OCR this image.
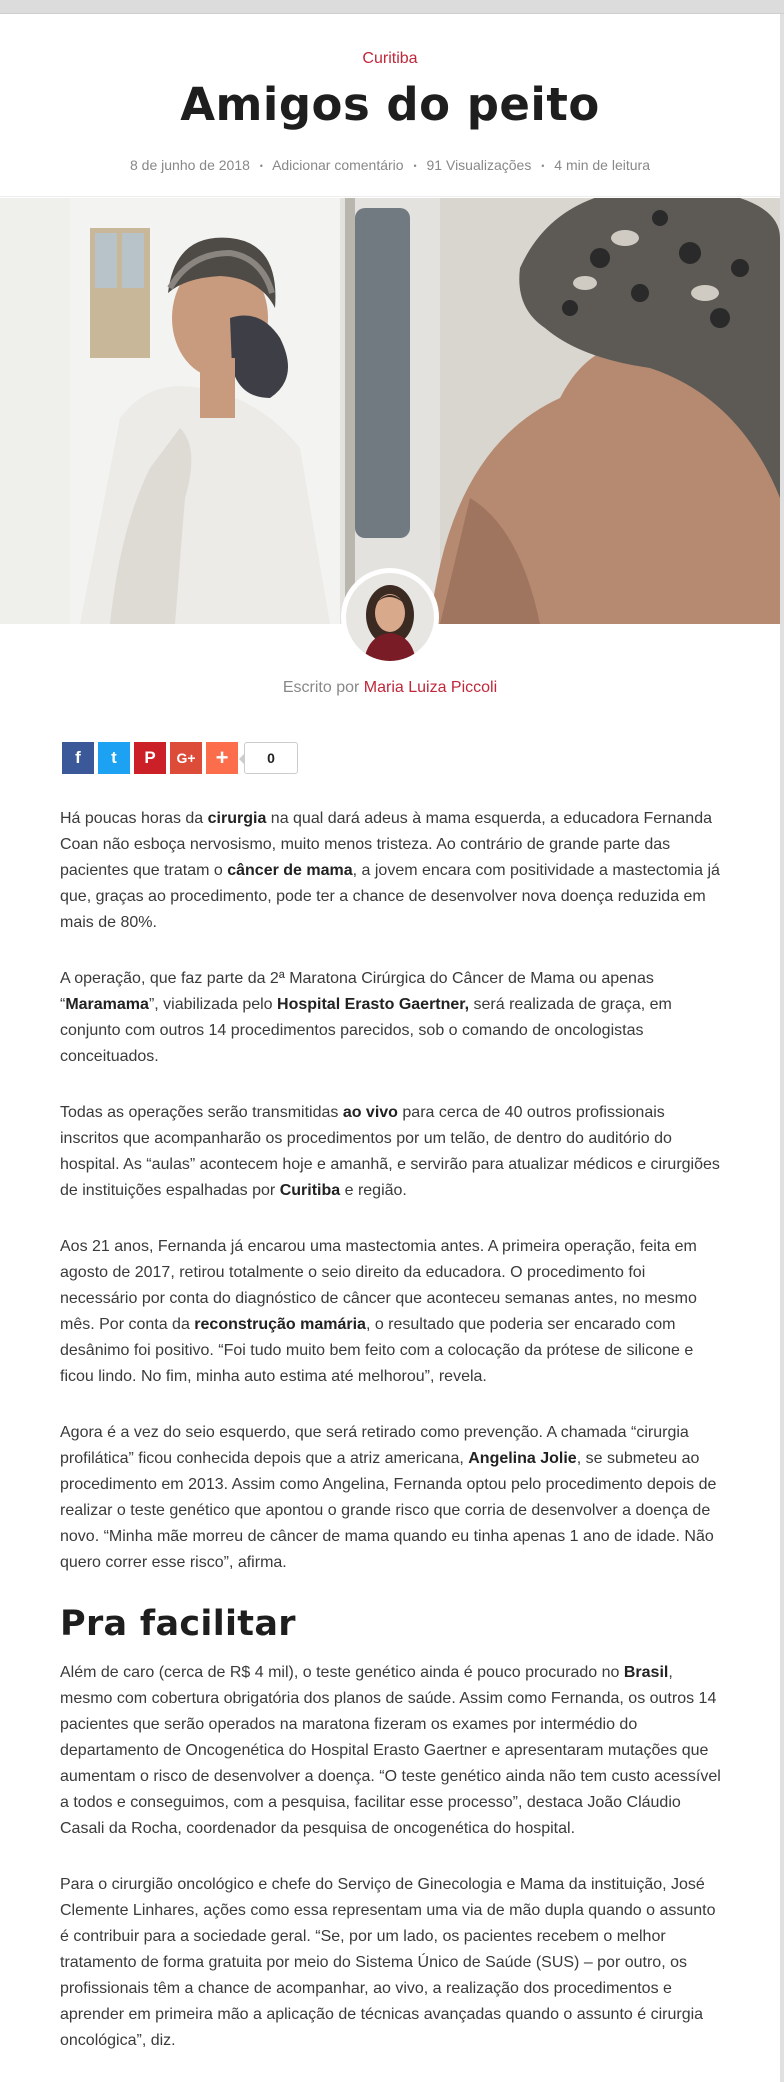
Curitiba
Amigos do peito
8 de junho de 2018 • Adicionar comentário • 91 Visualizações • 4 min de leitura
Escrito por Maria Luiza Piccoli
f t P G+ +	0

Há poucas horas da cirurgia na qual dará adeus à mama esquerda, a educadora Fernanda Coan não esboça nervosismo, muito menos tristeza. Ao contrário de grande parte das pacientes que tratam o câncer de mama, a jovem encara com positividade a mastectomia já que, graças ao procedimento, pode ter a chance de desenvolver nova doença reduzida em mais de 80%.

A operação, que faz parte da 2ª Maratona Cirúrgica do Câncer de Mama ou apenas “Maramama”, viabilizada pelo Hospital Erasto Gaertner, será realizada de graça, em conjunto com outros 14 procedimentos parecidos, sob o comando de oncologistas conceituados.

Todas as operações serão transmitidas ao vivo para cerca de 40 outros profissionais inscritos que acompanharão os procedimentos por um telão, de dentro do auditório do hospital. As “aulas” acontecem hoje e amanhã, e servirão para atualizar médicos e cirurgiões de instituições espalhadas por Curitiba e região.

Aos 21 anos, Fernanda já encarou uma mastectomia antes. A primeira operação, feita em agosto de 2017, retirou totalmente o seio direito da educadora. O procedimento foi necessário por conta do diagnóstico de câncer que aconteceu semanas antes, no mesmo mês. Por conta da reconstrução mamária, o resultado que poderia ser encarado com desânimo foi positivo. “Foi tudo muito bem feito com a colocação da prótese de silicone e ficou lindo. No fim, minha auto estima até melhorou”, revela.

Agora é a vez do seio esquerdo, que será retirado como prevenção. A chamada “cirurgia profilática” ficou conhecida depois que a atriz americana, Angelina Jolie, se submeteu ao procedimento em 2013. Assim como Angelina, Fernanda optou pelo procedimento depois de realizar o teste genético que apontou o grande risco que corria de desenvolver a doença de novo. “Minha mãe morreu de câncer de mama quando eu tinha apenas 1 ano de idade. Não quero correr esse risco”, afirma.

Pra facilitar

Além de caro (cerca de R$ 4 mil), o teste genético ainda é pouco procurado no Brasil, mesmo com cobertura obrigatória dos planos de saúde. Assim como Fernanda, os outros 14 pacientes que serão operados na maratona fizeram os exames por intermédio do departamento de Oncogenética do Hospital Erasto Gaertner e apresentaram mutações que aumentam o risco de desenvolver a doença. “O teste genético ainda não tem custo acessível a todos e conseguimos, com a pesquisa, facilitar esse processo”, destaca João Cláudio Casali da Rocha, coordenador da pesquisa de oncogenética do hospital.

Para o cirurgião oncológico e chefe do Serviço de Ginecologia e Mama da instituição, José Clemente Linhares, ações como essa representam uma via de mão dupla quando o assunto é contribuir para a sociedade geral. “Se, por um lado, os pacientes recebem o melhor tratamento de forma gratuita por meio do Sistema Único de Saúde (SUS) – por outro, os profissionais têm a chance de acompanhar, ao vivo, a realização dos procedimentos e aprender em primeira mão a aplicação de técnicas avançadas quando o assunto é cirurgia oncológica”, diz.
